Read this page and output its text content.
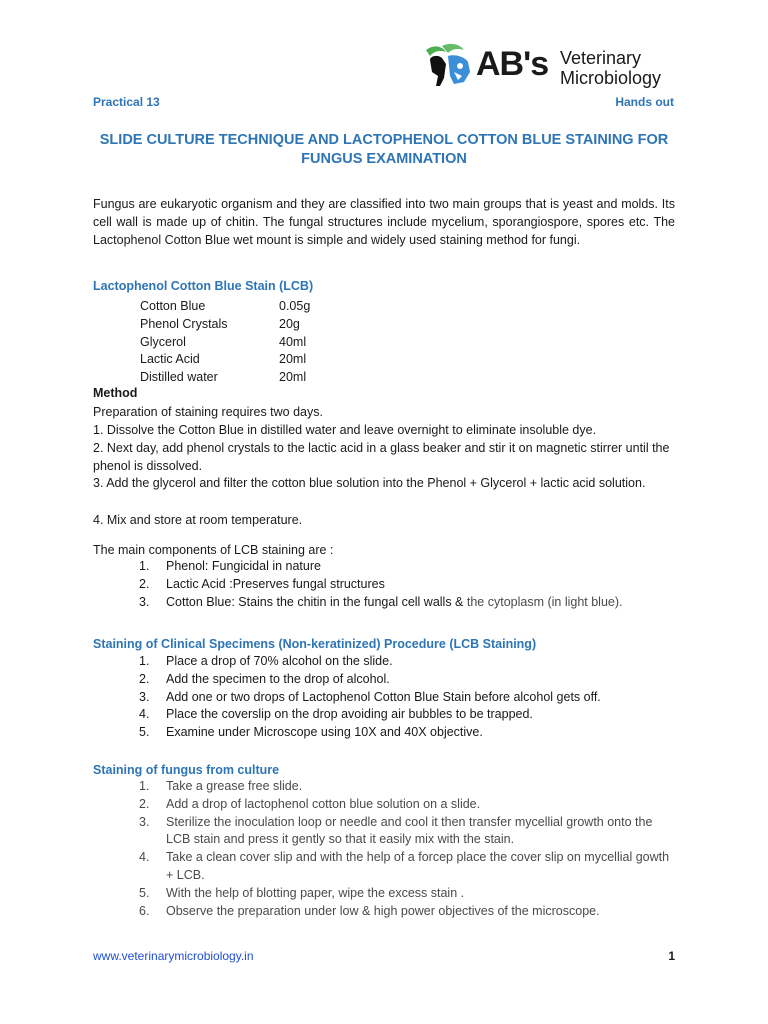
AB's Veterinary
Microbiology
Practical 13	Hands out
SLIDE CULTURE TECHNIQUE AND LACTOPHENOL COTTON BLUE STAINING FOR FUNGUS EXAMINATION
Fungus are eukaryotic organism and they are classified into two main groups that is yeast and molds. Its cell wall is made up of chitin. The fungal structures include mycelium, sporangiospore, spores etc. The Lactophenol Cotton Blue wet mount is simple and widely used staining method for fungi.
Lactophenol Cotton Blue Stain (LCB)
Cotton Blue	0.05g
Phenol Crystals	20g
Glycerol	40ml
Lactic Acid	20ml
Distilled water	20ml
Method
Preparation of staining requires two days.
1. Dissolve the Cotton Blue in distilled water and leave overnight to eliminate insoluble dye.
2. Next day, add phenol crystals to the lactic acid in a glass beaker and stir it on magnetic stirrer until the phenol is dissolved.
3. Add the glycerol and filter the cotton blue solution into the Phenol + Glycerol + lactic acid solution.
4. Mix and store at room temperature.
The main components of LCB staining are :
1. Phenol: Fungicidal in nature
2. Lactic Acid :Preserves fungal structures
3. Cotton Blue: Stains the chitin in the fungal cell walls & the cytoplasm (in light blue).
Staining of Clinical Specimens (Non-keratinized) Procedure (LCB Staining)
1. Place a drop of 70% alcohol on the slide.
2. Add the specimen to the drop of alcohol.
3. Add one or two drops of Lactophenol Cotton Blue Stain before alcohol gets off.
4. Place the coverslip on the drop avoiding air bubbles to be trapped.
5. Examine under Microscope using 10X and 40X objective.
Staining of fungus from culture
1. Take a grease free slide.
2. Add a drop of lactophenol cotton blue solution on a slide.
3. Sterilize the inoculation loop or needle and cool it then transfer mycellial growth onto the LCB stain and press it gently so that it easily mix with the stain.
4. Take a clean cover slip and with the help of a forcep place the cover slip on mycellial gowth + LCB.
5. With the help of blotting paper, wipe the excess stain .
6. Observe the preparation under low & high power objectives of the microscope.
www.veterinarymicrobiology.in	1
